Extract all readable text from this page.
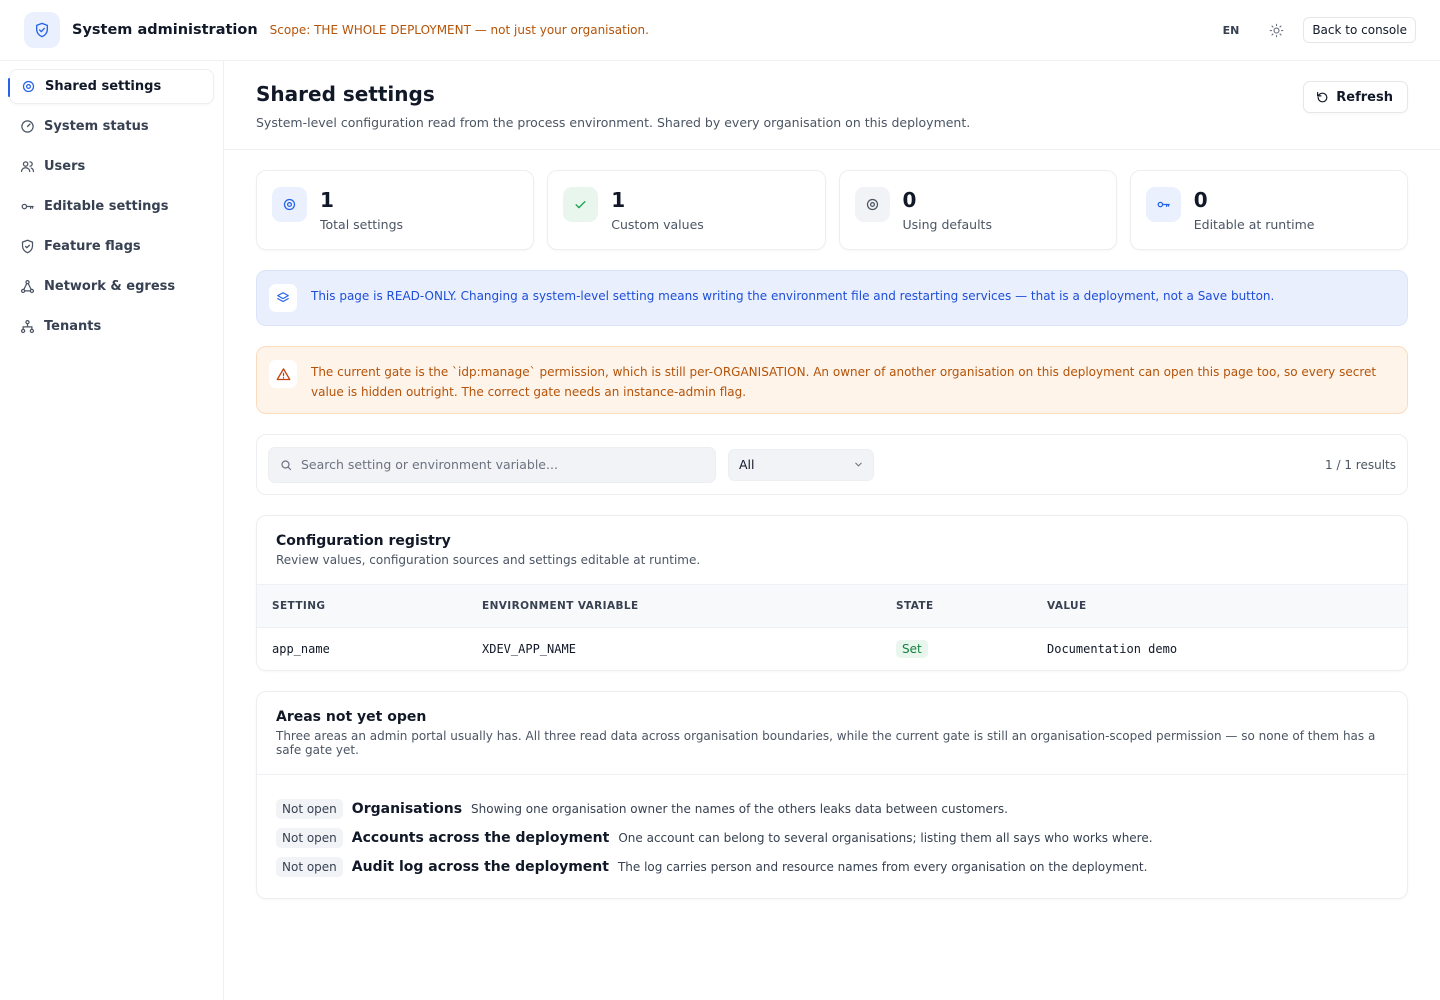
System administration Scope: THE WHOLE DEPLOYMENT — not just your organisation.	EN	Back to console
Shared settings
System status
Users
Editable settings
Feature flags
Network & egress
Tenants
Shared settings
System-level configuration read from the process environment. Shared by every organisation on this deployment.
Refresh
1
Total settings
1
Custom values
0
Using defaults
0
Editable at runtime
This page is READ-ONLY. Changing a system-level setting means writing the environment file and restarting services — that is a deployment, not a Save button.
The current gate is the `idp:manage` permission, which is still per-ORGANISATION. An owner of another organisation on this deployment can open this page too, so every secret value is hidden outright. The correct gate needs an instance-admin flag.
Search setting or environment variable...
All	1 / 1 results
Configuration registry
Review values, configuration sources and settings editable at runtime.
SETTING	ENVIRONMENT VARIABLE	STATE	VALUE
app_name	XDEV_APP_NAME	Set	Documentation demo
Areas not yet open
Three areas an admin portal usually has. All three read data across organisation boundaries, while the current gate is still an organisation-scoped permission — so none of them has a safe gate yet.
Not open	Organisations Showing one organisation owner the names of the others leaks data between customers.
Not open	Accounts across the deployment One account can belong to several organisations; listing them all says who works where.
Not open	Audit log across the deployment The log carries person and resource names from every organisation on the deployment.
